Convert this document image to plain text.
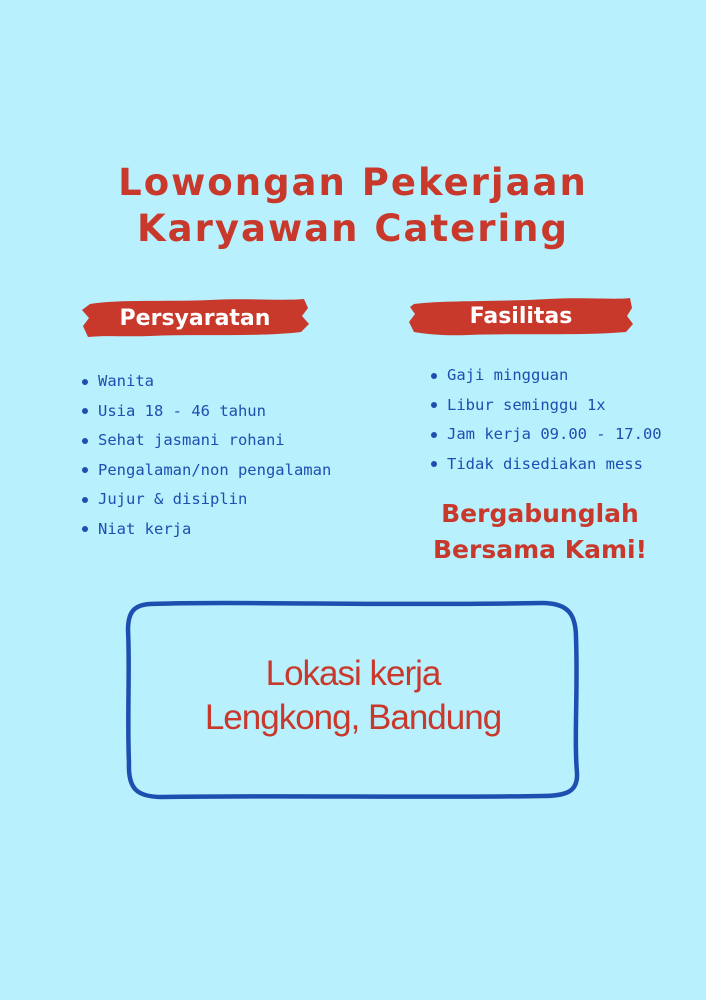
Lowongan Pekerjaan
Karyawan Catering
Persyaratan
Wanita
Usia 18 - 46 tahun
Sehat jasmani rohani
Pengalaman/non pengalaman
Jujur & disiplin
Niat kerja
Fasilitas
Gaji mingguan
Libur seminggu 1x
Jam kerja 09.00 - 17.00
Tidak disediakan mess
Bergabunglah
Bersama Kami!
Lokasi kerja
Lengkong, Bandung
